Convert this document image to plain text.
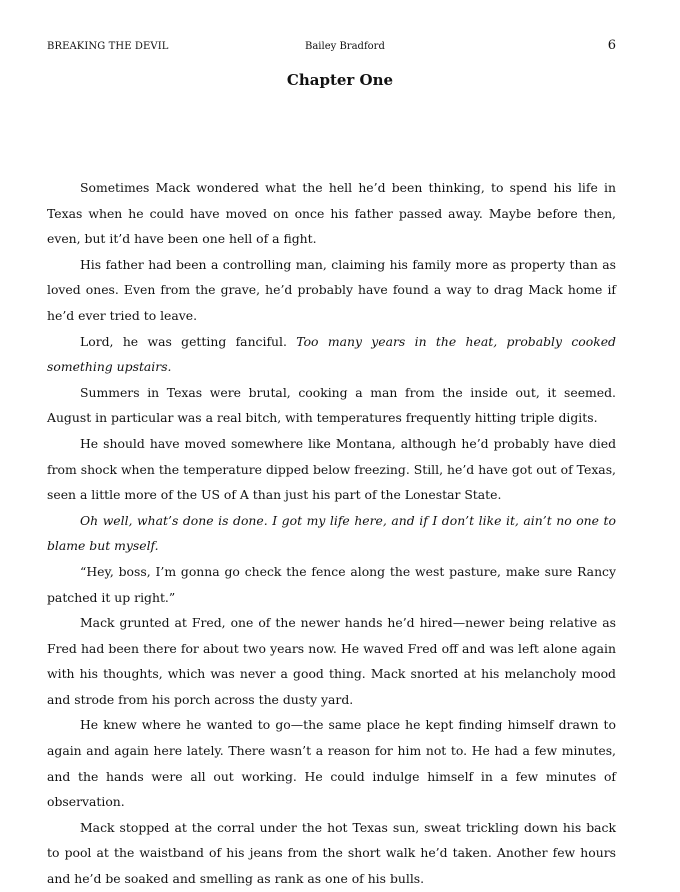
BREAKING THE DEVIL	Bailey Bradford	6
Chapter One

Sometimes Mack wondered what the hell he’d been thinking, to spend his life in Texas when he could have moved on once his father passed away. Maybe before then, even, but it’d have been one hell of a fight.

His father had been a controlling man, claiming his family more as property than as loved ones. Even from the grave, he’d probably have found a way to drag Mack home if he’d ever tried to leave.

Lord, he was getting fanciful. Too many years in the heat, probably cooked something upstairs.

Summers in Texas were brutal, cooking a man from the inside out, it seemed. August in particular was a real bitch, with temperatures frequently hitting triple digits.

He should have moved somewhere like Montana, although he’d probably have died from shock when the temperature dipped below freezing. Still, he’d have got out of Texas, seen a little more of the US of A than just his part of the Lonestar State.

Oh well, what’s done is done. I got my life here, and if I don’t like it, ain’t no one to blame but myself.

“Hey, boss, I’m gonna go check the fence along the west pasture, make sure Rancy patched it up right.”

Mack grunted at Fred, one of the newer hands he’d hired—newer being relative as Fred had been there for about two years now. He waved Fred off and was left alone again with his thoughts, which was never a good thing. Mack snorted at his melancholy mood and strode from his porch across the dusty yard.

He knew where he wanted to go—the same place he kept finding himself drawn to again and again here lately. There wasn’t a reason for him not to. He had a few minutes, and the hands were all out working. He could indulge himself in a few minutes of observation.

Mack stopped at the corral under the hot Texas sun, sweat trickling down his back to pool at the waistband of his jeans from the short walk he’d taken. Another few hours and he’d be soaked and smelling as rank as one of his bulls.
